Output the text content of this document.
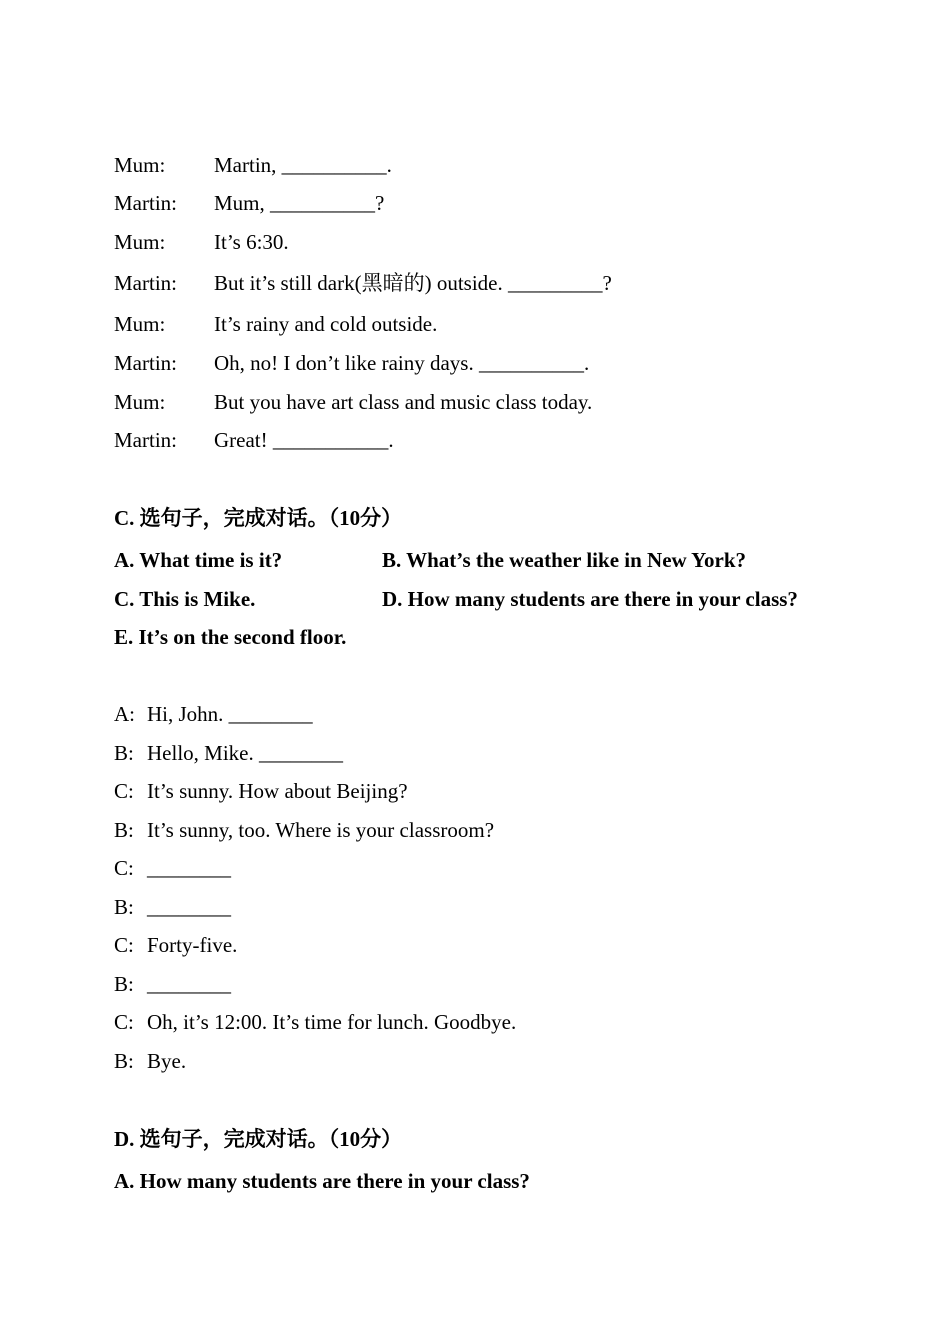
Mum: Martin, __________.
Martin: Mum, __________?
Mum: It’s 6:30.
Martin: But it’s still dark(黑暗的) outside. _________?
Mum: It’s rainy and cold outside.
Martin: Oh, no! I don’t like rainy days. __________.
Mum: But you have art class and music class today.
Martin: Great! ___________.
C. 选句子，完成对话。（10分）
A. What time is it?	B. What’s the weather like in New York?
C. This is Mike.	D. How many students are there in your class?
E. It’s on the second floor.
A: Hi, John. ________
B: Hello, Mike. ________
C: It’s sunny. How about Beijing?
B: It’s sunny, too. Where is your classroom?
C: ________
B: ________
C: Forty-five.
B: ________
C: Oh, it’s 12:00. It’s time for lunch. Goodbye.
B: Bye.
D. 选句子，完成对话。（10分）
A. How many students are there in your class?
